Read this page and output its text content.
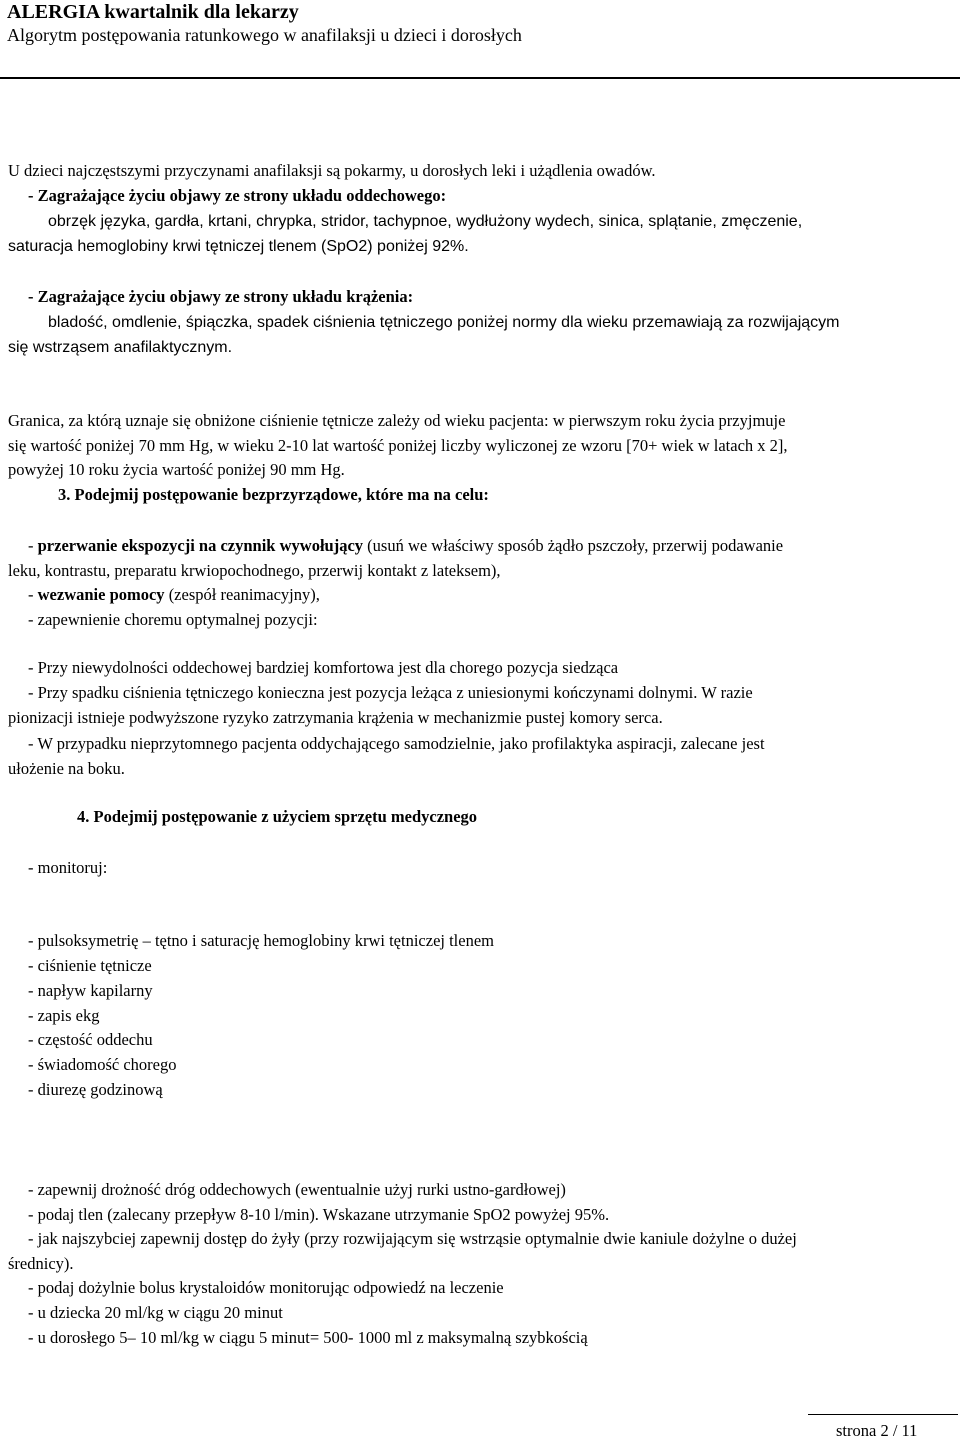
ALERGIA kwartalnik dla lekarzy
Algorytm postępowania ratunkowego w anafilaksji u dzieci i dorosłych
U dzieci najczęstszymi przyczynami anafilaksji są pokarmy, u dorosłych leki i użądlenia owadów.
- Zagrażające życiu objawy ze strony układu oddechowego:
obrzęk języka, gardła, krtani, chrypka, stridor, tachypnoe, wydłużony wydech, sinica, splątanie, zmęczenie,
saturacja hemoglobiny krwi tętniczej tlenem (SpO2) poniżej 92%.
- Zagrażające życiu objawy ze strony układu krążenia:
bladość, omdlenie, śpiączka, spadek ciśnienia tętniczego poniżej normy dla wieku przemawiają za rozwijającym
się wstrząsem anafilaktycznym.
Granica, za którą uznaje się obniżone ciśnienie tętnicze zależy od wieku pacjenta: w pierwszym roku życia przyjmuje
się wartość poniżej 70 mm Hg, w wieku 2-10 lat wartość poniżej liczby wyliczonej ze wzoru [70+ wiek w latach x 2],
powyżej 10 roku życia wartość poniżej 90 mm Hg.
3. Podejmij postępowanie bezprzyrządowe, które ma na celu:
- przerwanie ekspozycji na czynnik wywołujący (usuń we właściwy sposób żądło pszczoły, przerwij podawanie
leku, kontrastu, preparatu krwiopochodnego, przerwij kontakt z lateksem),
- wezwanie pomocy (zespół reanimacyjny),
- zapewnienie choremu optymalnej pozycji:
- Przy niewydolności oddechowej bardziej komfortowa jest dla chorego pozycja siedząca
- Przy spadku ciśnienia tętniczego konieczna jest pozycja leżąca z uniesionymi kończynami dolnymi. W razie
pionizacji istnieje podwyższone ryzyko zatrzymania krążenia w mechanizmie pustej komory serca.
- W przypadku nieprzytomnego pacjenta oddychającego samodzielnie, jako profilaktyka aspiracji, zalecane jest
ułożenie na boku.
4. Podejmij postępowanie z użyciem sprzętu medycznego
- monitoruj:
- pulsoksymetrię – tętno i saturację hemoglobiny krwi tętniczej tlenem
- ciśnienie tętnicze
- napływ kapilarny
- zapis ekg
- częstość oddechu
- świadomość chorego
- diurezę godzinową
- zapewnij drożność dróg oddechowych (ewentualnie użyj rurki ustno-gardłowej)
- podaj tlen (zalecany przepływ 8-10 l/min). Wskazane utrzymanie SpO2 powyżej 95%.
- jak najszybciej zapewnij dostęp do żyły (przy rozwijającym się wstrząsie optymalnie dwie kaniule dożylne o dużej
średnicy).
- podaj dożylnie bolus krystaloidów monitorując odpowiedź na leczenie
- u dziecka 20 ml/kg w ciągu 20 minut
- u dorosłego 5– 10 ml/kg w ciągu 5 minut= 500- 1000 ml z maksymalną szybkością
strona 2 / 11
